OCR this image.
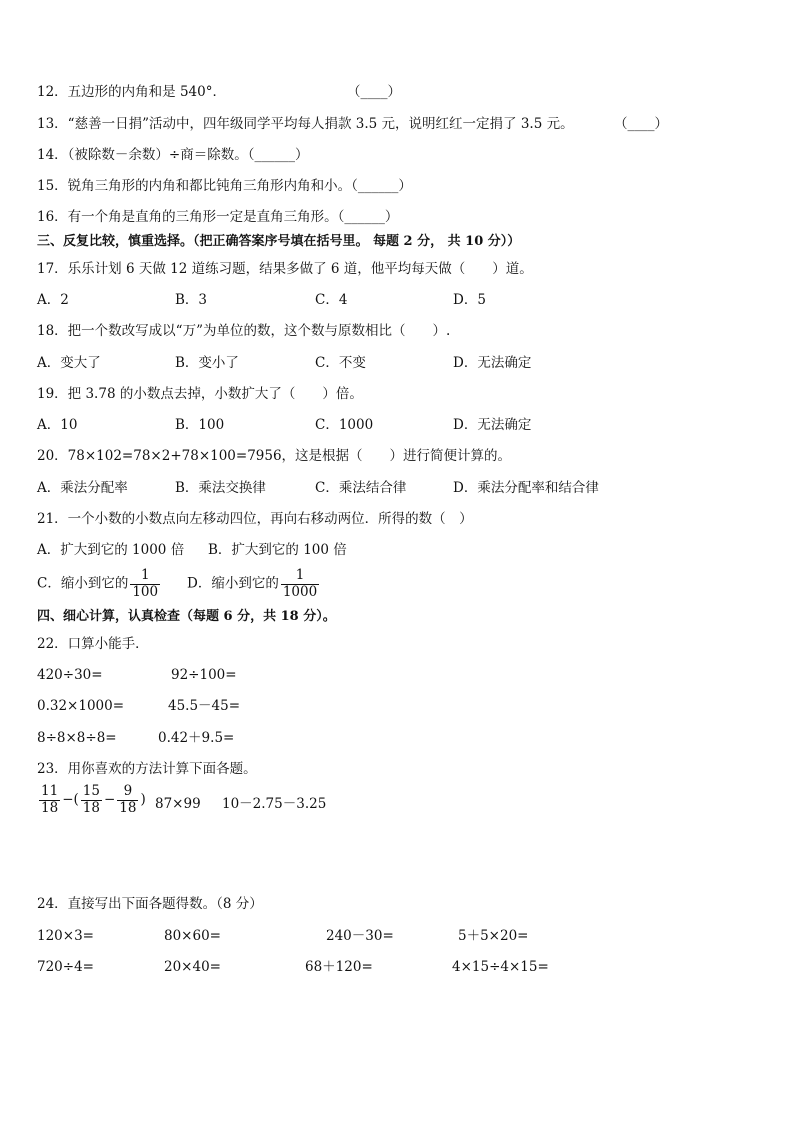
12．五边形的内角和是 540°．	（____）
13．“慈善一日捐”活动中，四年级同学平均每人捐款 3.5 元，说明红红一定捐了 3.5 元。	（____）
14．（被除数－余数）÷商＝除数。（______）
15．锐角三角形的内角和都比钝角三角形内角和小。（______）
16．有一个角是直角的三角形一定是直角三角形。（______）
三、反复比较，慎重选择。（把正确答案序号填在括号里。 每题 2 分， 共 10 分））
17．乐乐计划 6 天做 12 道练习题，结果多做了 6 道，他平均每天做（　　）道。
A．2	B．3	C．4	D．5
18．把一个数改写成以“万”为单位的数，这个数与原数相比（　　）.
A．变大了	B．变小了	C．不变	D．无法确定
19．把 3.78 的小数点去掉，小数扩大了（　　）倍。
A．10	B．100	C．1000	D．无法确定
20．78×102=78×2+78×100=7956，这是根据（　　）进行简便计算的。
A．乘法分配率	B．乘法交换律	C．乘法结合律	D．乘法分配率和结合律
21．一个小数的小数点向左移动四位，再向右移动两位．所得的数（　）
A．扩大到它的 1000 倍 B．扩大到它的 100 倍
C．缩小到它的 $\frac{1}{100}$ D．缩小到它的 $\frac{1}{1000}$
四、细心计算，认真检查（每题 6 分，共 18 分）。
22．口算小能手．
420÷30=	92÷100=
0.32×1000=	45.5－45=
8÷8×8÷8=	0.42＋9.5=
23．用你喜欢的方法计算下面各题。
$\frac{11}{18}$ −( $\frac{15}{18} - \frac{9}{18}$ ) 87×99 10－2.75－3.25
24．直接写出下面各题得数。（8 分）
120×3=	80×60=	240－30=	5＋5×20=
720÷4=	20×40=	68＋120=	4×15÷4×15=
